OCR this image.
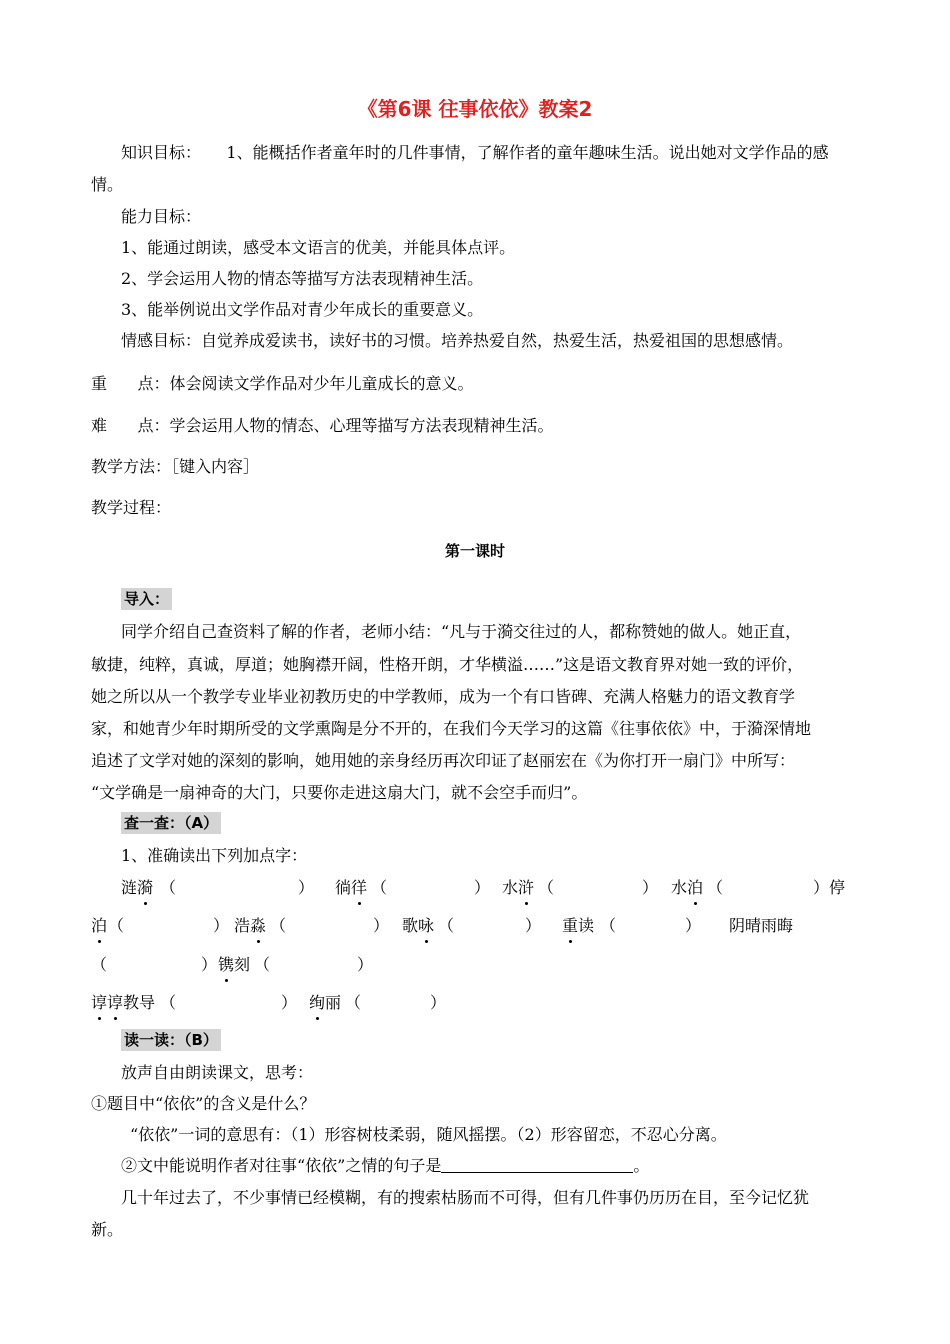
《第6课 往事依依》教案2
知识目标：     1、能概括作者童年时的几件事情，了解作者的童年趣味生活。说出她对文学作品的感
情。
能力目标：
1、能通过朗读，感受本文语言的优美，并能具体点评。
2、学会运用人物的情态等描写方法表现精神生活。
3、能举例说出文学作品对青少年成长的重要意义。
情感目标：自觉养成爱读书，读好书的习惯。培养热爱自然，热爱生活，热爱祖国的思想感情。
重      点：体会阅读文学作品对少年儿童成长的意义。
难      点：学会运用人物的情态、心理等描写方法表现精神生活。
教学方法：［键入内容］
教学过程：
第一课时
导入：
同学介绍自己查资料了解的作者，老师小结：“凡与于漪交往过的人，都称赞她的做人。她正直，
敏捷，纯粹，真诚，厚道；她胸襟开阔，性格开朗，才华横溢……”这是语文教育界对她一致的评价，
她之所以从一个教学专业毕业初教历史的中学教师，成为一个有口皆碑、充满人格魅力的语文教育学
家，和她青少年时期所受的文学熏陶是分不开的，在我们今天学习的这篇《往事依依》中，于漪深情地
追述了文学对她的深刻的影响，她用她的亲身经历再次印证了赵丽宏在《为你打开一扇门》中所写：
“文学确是一扇神奇的大门，只要你走进这扇大门，就不会空手而归”。
查一查：（A）
1、准确读出下列加点字：
涟 漪 （	） 徜 徉 （	） 水 浒 （	） 水 泊 （	）停
泊 （	） 浩 淼 （	） 歌 咏 （	） 重 读 （	） 阴晴雨晦
（	） 镌 刻 （	）
谆 谆 教导 （	） 绚 丽 （	）
读一读：（B）
放声自由朗读课文，思考：
①题目中“依依”的含义是什么？
“依依”一词的意思有：（1）形容树枝柔弱，随风摇摆。（2）形容留恋，不忍心分离。
②文中能说明作者对往事“依依”之情的句子是	。
几十年过去了，不少事情已经模糊，有的搜索枯肠而不可得，但有几件事仍历历在目，至今记忆犹
新。
